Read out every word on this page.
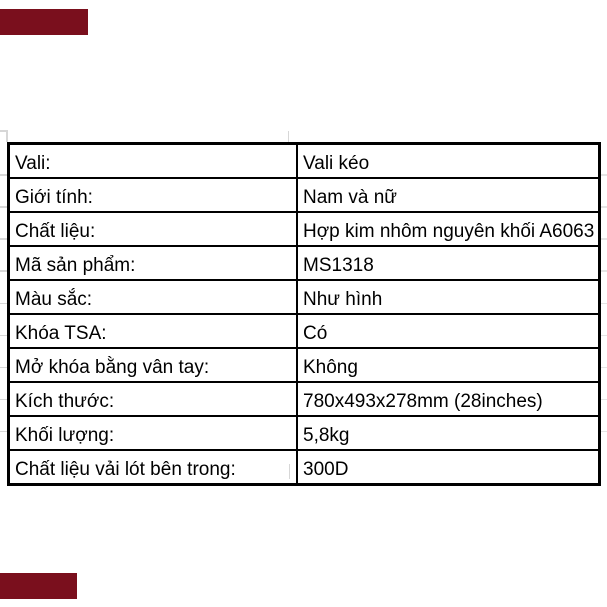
Vali:	Vali kéo
Giới tính:	Nam và nữ
Chất liệu:	Hợp kim nhôm nguyên khối A6063
Mã sản phẩm:	MS1318
Màu sắc:	Như hình
Khóa TSA:	Có
Mở khóa bằng vân tay:	Không
Kích thước:	780x493x278mm (28inches)
Khối lượng:	5,8kg
Chất liệu vải lót bên trong:	300D
